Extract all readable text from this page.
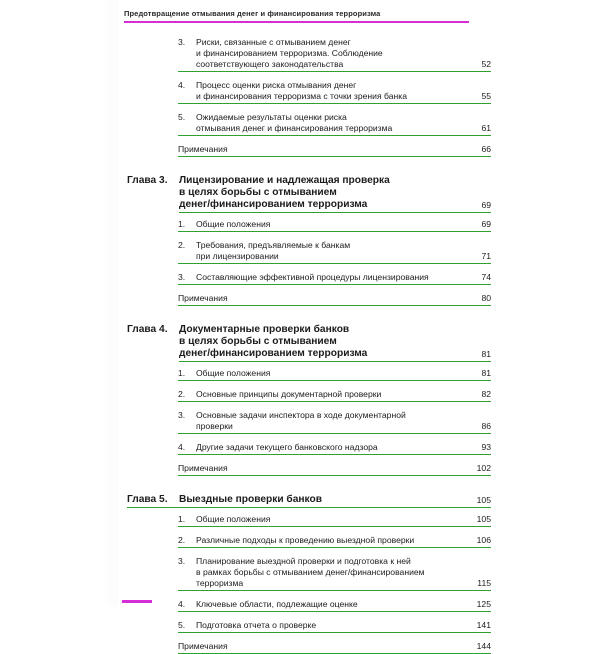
Предотвращение отмывания денег и финансирования терроризма
3. Риски, связанные с отмыванием денег
и финансированием терроризма. Соблюдение
соответствующего законодательства	52
4. Процесс оценки риска отмывания денег
и финансирования терроризма с точки зрения банка	55
5. Ожидаемые результаты оценки риска
отмывания денег и финансирования терроризма	61
Примечания	66
Глава 3. Лицензирование и надлежащая проверка
в целях борьбы с отмыванием
денег/финансированием терроризма	69
1. Общие положения	69
2. Требования, предъявляемые к банкам
при лицензировании	71
3. Составляющие эффективной процедуры лицензирования	74
Примечания	80
Глава 4. Документарные проверки банков
в целях борьбы с отмыванием
денег/финансированием терроризма	81
1. Общие положения	81
2. Основные принципы документарной проверки	82
3. Основные задачи инспектора в ходе документарной
проверки	86
4. Другие задачи текущего банковского надзора	93
Примечания	102
Глава 5. Выездные проверки банков	105
1. Общие положения	105
2. Различные подходы к проведению выездной проверки	106
3. Планирование выездной проверки и подготовка к ней
в рамках борьбы с отмыванием денег/финансированием
терроризма	115
4. Ключевые области, подлежащие оценке	125
5. Подготовка отчета о проверке	141
Примечания	144
